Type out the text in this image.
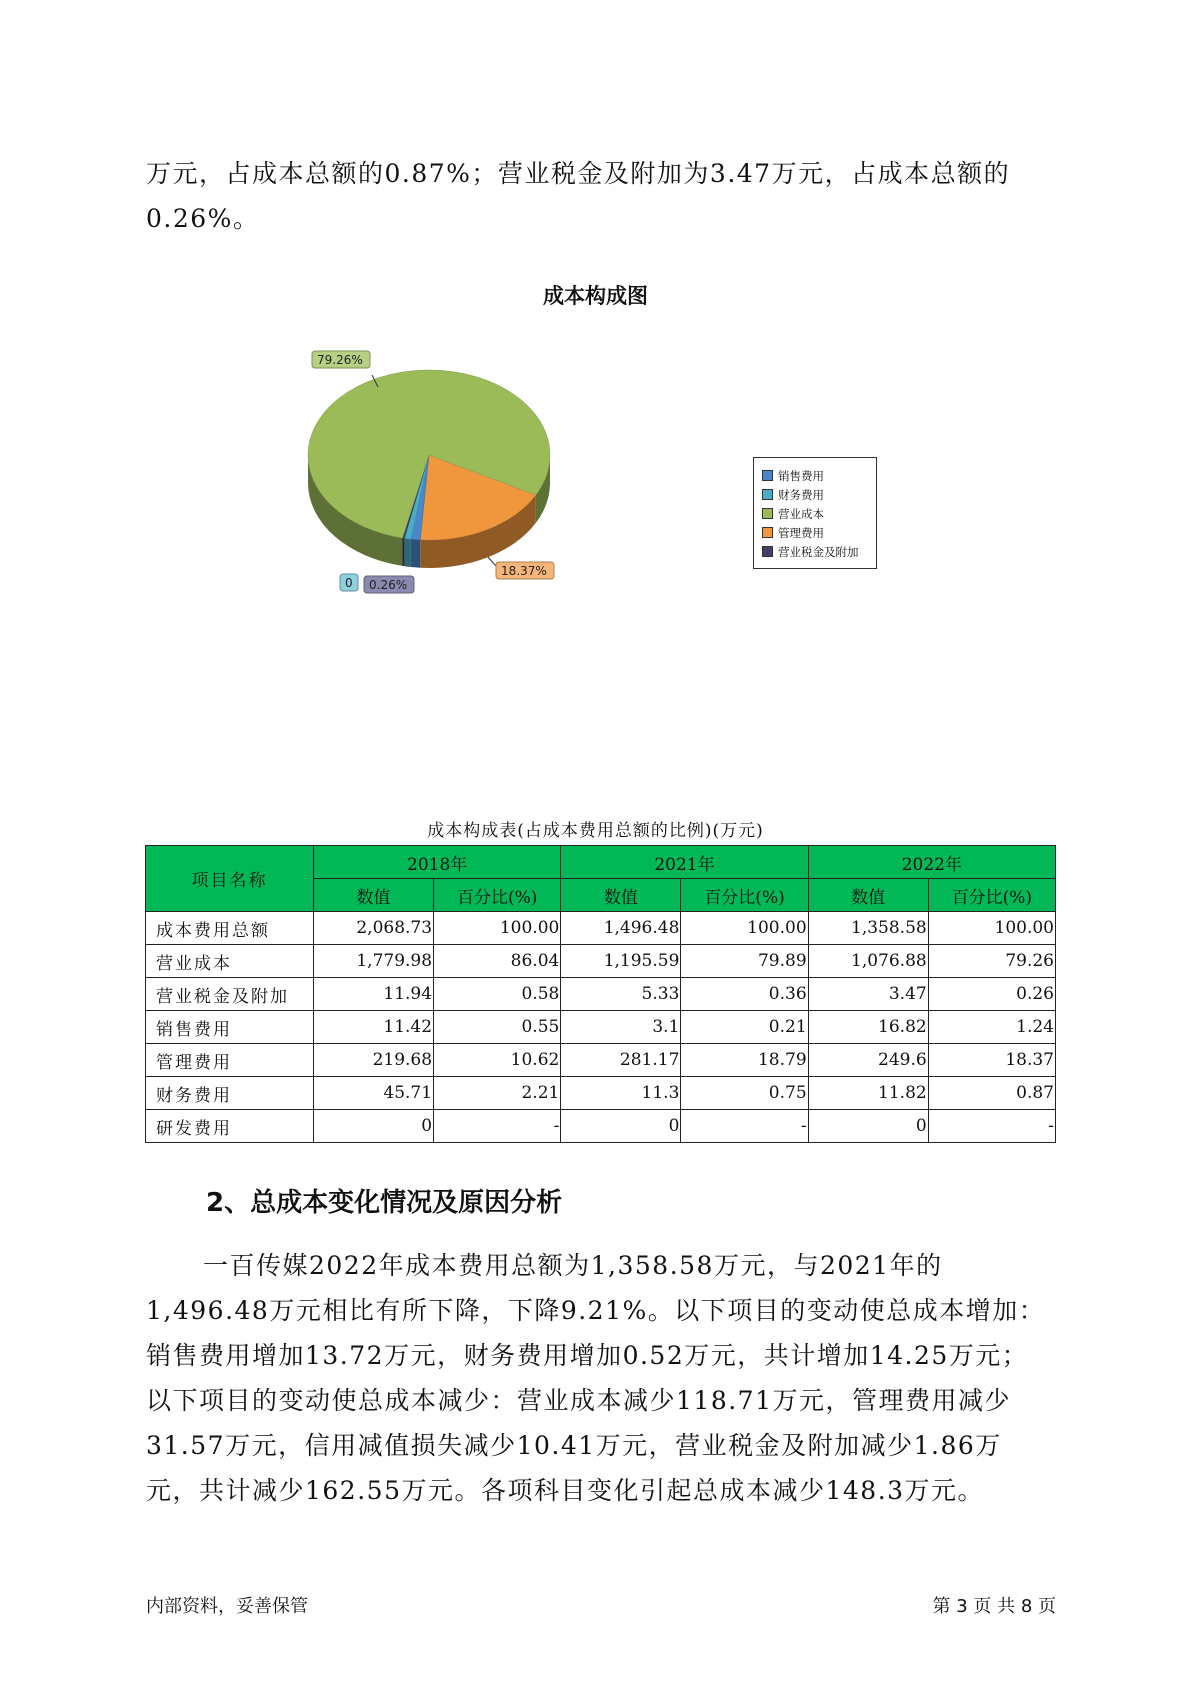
万元，占成本总额的0.87%；营业税金及附加为3.47万元，占成本总额的0.26%。

成本构成图
79.26%
18.37%
0 0.26%
销售费用
财务费用
营业成本
管理费用
营业税金及附加
成本构成表(占成本费用总额的比例)(万元)
项目名称	2018年		2021年		2022年	
	数值	百分比(%)	数值	百分比(%)	数值	百分比(%)
成本费用总额	2,068.73	100.00	1,496.48	100.00	1,358.58	100.00
营业成本	1,779.98	86.04	1,195.59	79.89	1,076.88	79.26
营业税金及附加	11.94	0.58	5.33	0.36	3.47	0.26
销售费用	11.42	0.55	3.1	0.21	16.82	1.24
管理费用	219.68	10.62	281.17	18.79	249.6	18.37
财务费用	45.71	2.21	11.3	0.75	11.82	0.87
研发费用	0	-	0	-	0	-
2、总成本变化情况及原因分析

一百传媒2022年成本费用总额为1,358.58万元，与2021年的1,496.48万元相比有所下降，下降9.21%。以下项目的变动使总成本增加：销售费用增加13.72万元，财务费用增加0.52万元，共计增加14.25万元；以下项目的变动使总成本减少：营业成本减少118.71万元，管理费用减少31.57万元，信用减值损失减少10.41万元，营业税金及附加减少1.86万元，共计减少162.55万元。各项科目变化引起总成本减少148.3万元。

内部资料，妥善保管	第 3 页 共 8 页
